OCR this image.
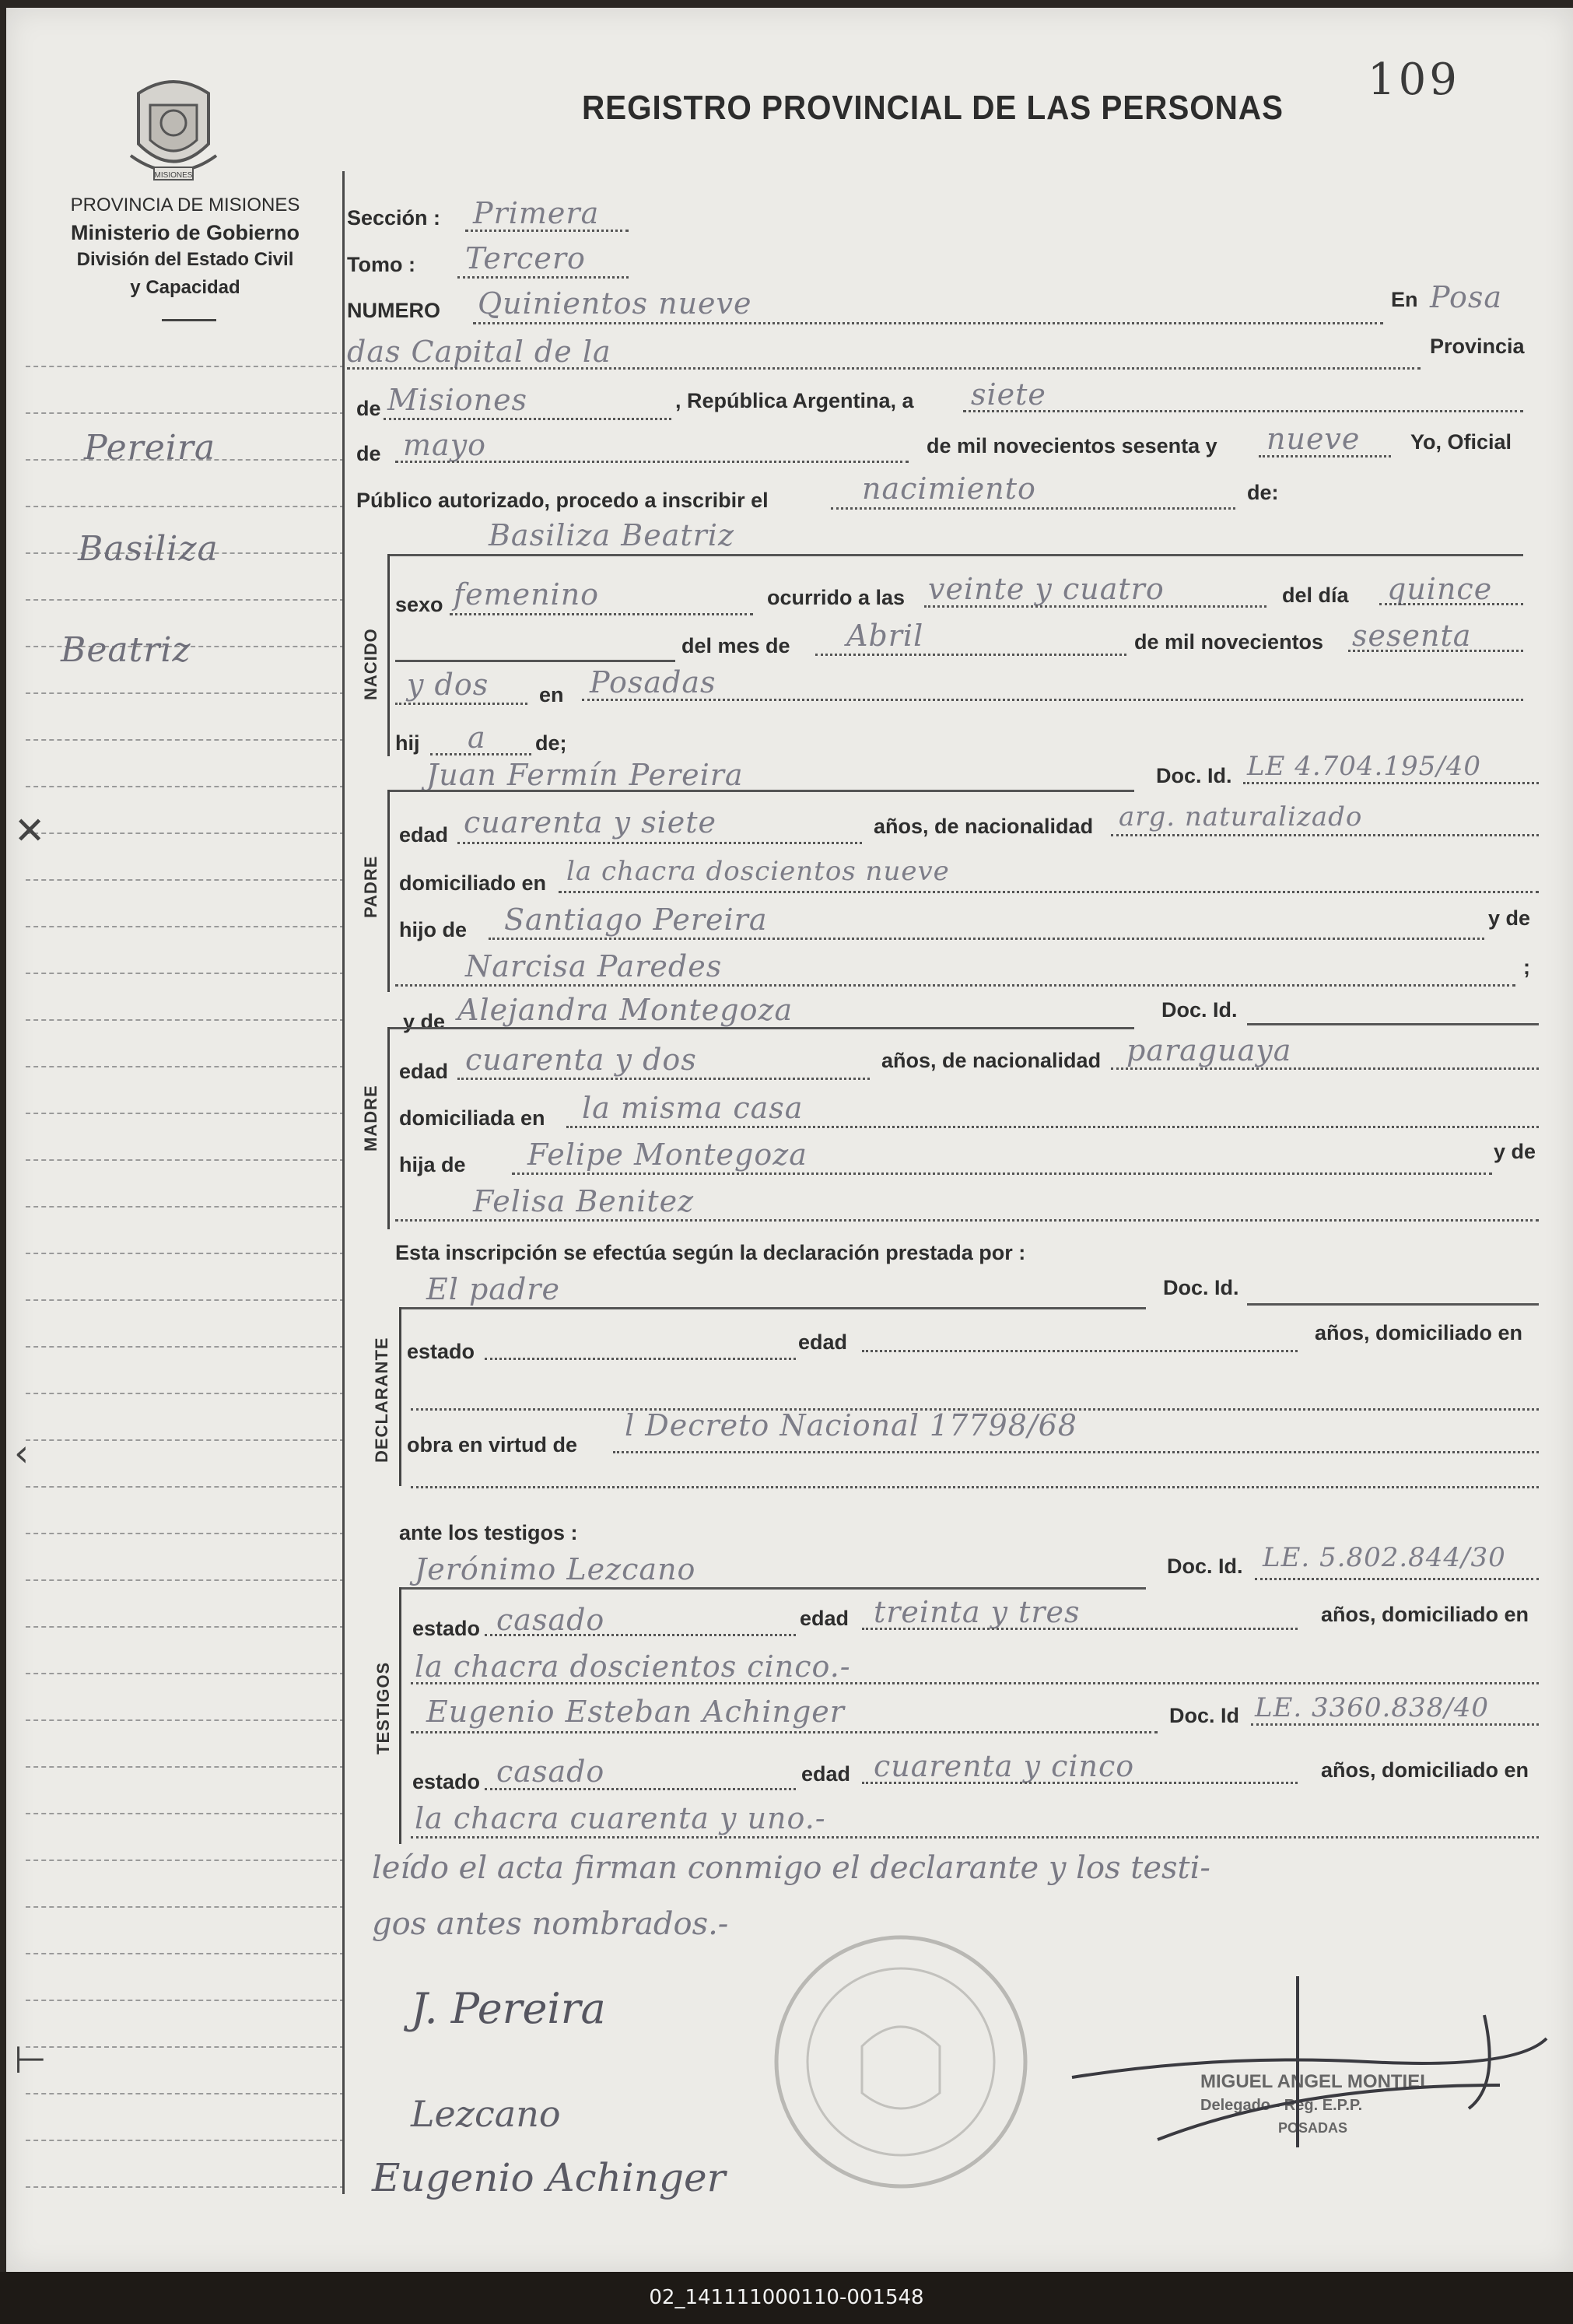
109
REGISTRO PROVINCIAL DE LAS PERSONAS
MISIONES
PROVINCIA DE MISIONES
Ministerio de Gobierno
División del Estado Civil
y Capacidad
Pereira
Basiliza
Beatriz
✕
‹
⊢
Sección : Primera
Tomo : Tercero
NUMERO Quinientos nueve	En Posa
das Capital de la	Provincia
de Misiones	, República Argentina, a siete
de mayo	de mil novecientos sesenta y nueve Yo, Oficial
Público autorizado, procedo a inscribir el	nacimiento	de:
Basiliza Beatriz
NACIDO
sexo femenino	ocurrido a las veinte y cuatro	del día quince
del mes de Abril	de mil novecientos sesenta
y dos en Posadas
hij a de;
Juan Fermín Pereira	Doc. Id. LE 4.704.195/40
PADRE
edad cuarenta y siete	años, de nacionalidad arg. naturalizado
domiciliado en la chacra doscientos nueve
hijo de Santiago Pereira	y de
Narcisa Paredes	;
y de Alejandra Montegoza	Doc. Id.
MADRE
edad cuarenta y dos	años, de nacionalidad paraguaya
domiciliada en la misma casa
hija de Felipe Montegoza	y de
Felisa Benitez
Esta inscripción se efectúa según la declaración prestada por :
El padre	Doc. Id.
DECLARANTE estado	edad	años, domiciliado en
obra en virtud de
l Decreto Nacional 17798/68
ante los testigos :
Jerónimo Lezcano	Doc. Id. LE. 5.802.844/30
TESTIGOS
estado casado	edad treinta y tres	años, domiciliado en
la chacra doscientos cinco.-
Eugenio Esteban Achinger	Doc. Id LE. 3360.838/40
estado casado	edad cuarenta y cinco	años, domiciliado en
la chacra cuarenta y uno.-
leído el acta firman conmigo el declarante y los testi-
gos antes nombrados.-
MIGUEL ANGEL MONTIEL
Delegado - Reg. E.P.P.
POSADAS
J. Pereira
Lezcano
Eugenio Achinger
02_141111000110-001548
